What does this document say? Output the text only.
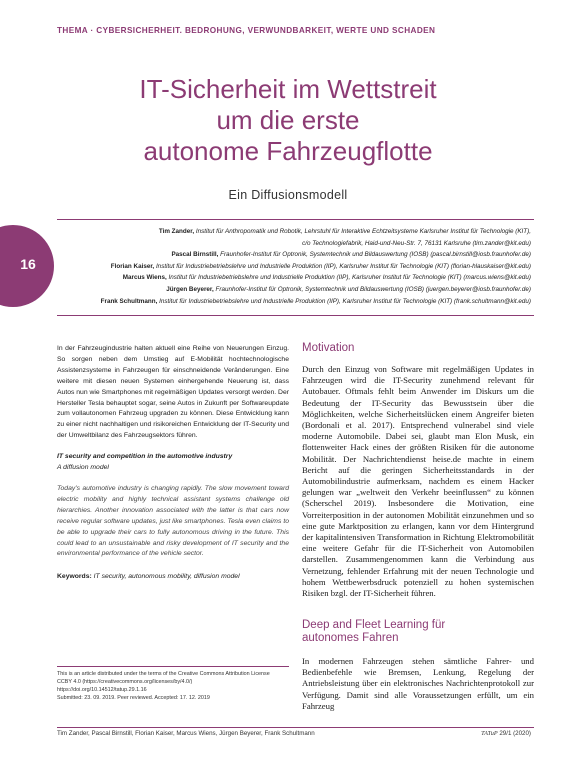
THEMA · CYBERSICHERHEIT. BEDROHUNG, VERWUNDBARKEIT, WERTE UND SCHADEN
IT-Sicherheit im Wettstreit
um die erste
autonome Fahrzeugflotte
Ein Diffusionsmodell
16
Tim Zander, Institut für Anthropomatik und Robotik, Lehrstuhl für Interaktive Echtzeitsysteme Karlsruher Institut für Technologie (KIT),
c/o Technologiefabrik, Haid-und-Neu-Str. 7, 76131 Karlsruhe (tim.zander@kit.edu)
Pascal Birnstill, Fraunhofer-Institut für Optronik, Systemtechnik und Bildauswertung (IOSB) (pascal.birnstill@iosb.fraunhofer.de)
Florian Kaiser, Institut für Industriebetriebslehre und Industrielle Produktion (IIP), Karlsruher Institut für Technologie (KIT) (florian-hlauskaiser@kit.edu)
Marcus Wiens, Institut für Industriebetriebslehre und Industrielle Produktion (IIP), Karlsruher Institut für Technologie (KIT) (marcus.wiens@kit.edu)
Jürgen Beyerer, Fraunhofer-Institut für Optronik, Systemtechnik und Bildauswertung (IOSB) (juergen.beyerer@iosb.fraunhofer.de)
Frank Schultmann, Institut für Industriebetriebslehre und Industrielle Produktion (IIP), Karlsruher Institut für Technologie (KIT) (frank.schultmann@kit.edu)

In der Fahrzeugindustrie halten aktuell eine Reihe von Neuerungen Einzug. So sorgen neben dem Umstieg auf E-Mobilität hochtechnologische Assistenzsysteme in Fahrzeugen für einschneidende Veränderungen. Eine weitere mit diesen neuen Systemen einhergehende Neuerung ist, dass Autos nun wie Smartphones mit regelmäßigen Updates versorgt werden. Der Hersteller Tesla behauptet sogar, seine Autos in Zukunft per Softwareupdate zum vollautonomen Fahrzeug upgraden zu können. Diese Entwicklung kann zu einer nicht nachhaltigen und risikoreichen Entwicklung der IT-Security und der Umweltbilanz des Fahrzeugsektors führen.

IT security and competition in the automotive industry

A diffusion model

Today’s automotive industry is changing rapidly. The slow movement toward electric mobility and highly technical assistant systems challenge old hierarchies. Another innovation associated with the latter is that cars now receive regular software updates, just like smartphones. Tesla even claims to be able to upgrade their cars to fully autonomous driving in the future. This could lead to an unsustainable and risky development of IT security and the environmental performance of the vehicle sector.

Keywords: IT security, autonomous mobility, diffusion model

This is an article distributed under the terms of the Creative Commons Attribution License
CCBY 4.0 (https://creativecommons.org/licenses/by/4.0/)
https://doi.org/10.14512/tatup.29.1.16
Submitted: 23. 09. 2019. Peer reviewed. Accepted: 17. 12. 2019
Motivation
Durch den Einzug von Software mit regelmäßigen Updates in Fahrzeugen wird die IT-Security zunehmend relevant für Autobauer. Oftmals fehlt beim Anwender im Diskurs um die Bedeutung der IT-Security das Bewusstsein über die Möglichkeiten, welche Sicherheitslücken einem Angreifer bieten (Bordonali et al. 2017). Entsprechend vulnerabel sind viele moderne Automobile. Dabei sei, glaubt man Elon Musk, ein flottenweiter Hack eines der größten Risiken für die autonome Mobilität. Der Nachrichtendienst heise.de machte in einem Bericht auf die geringen Sicherheitsstandards in der Automobilindustrie aufmerksam, nachdem es einem Hacker gelungen war „weltweit den Verkehr beeinflussen“ zu können (Scherschel 2019). Insbesondere die Motivation, eine Vorreiterposition in der autonomen Mobilität einzunehmen und so eine gute Marktposition zu erlangen, kann vor dem Hintergrund der kapitalintensiven Transformation in Richtung Elektromobilität eine weitere Gefahr für die IT-Sicherheit von Automobilen darstellen. Zusammengenommen kann die Verbindung aus Vernetzung, fehlender Erfahrung mit der neuen Technologie und hohem Wettbewerbsdruck potenziell zu hohen systemischen Risiken bzgl. der IT-Sicherheit führen.
Deep and Fleet Learning für
autonomes Fahren
In modernen Fahrzeugen stehen sämtliche Fahrer- und Bedienbefehle wie Bremsen, Lenkung, Regelung der Antriebsleistung über ein elektronisches Nachrichtenprotokoll zur Verfügung. Damit sind alle Voraussetzungen erfüllt, um ein Fahrzeug
Tim Zander, Pascal Birnstill, Florian Kaiser, Marcus Wiens, Jürgen Beyerer, Frank Schultmann	TATuP 29/1 (2020)
